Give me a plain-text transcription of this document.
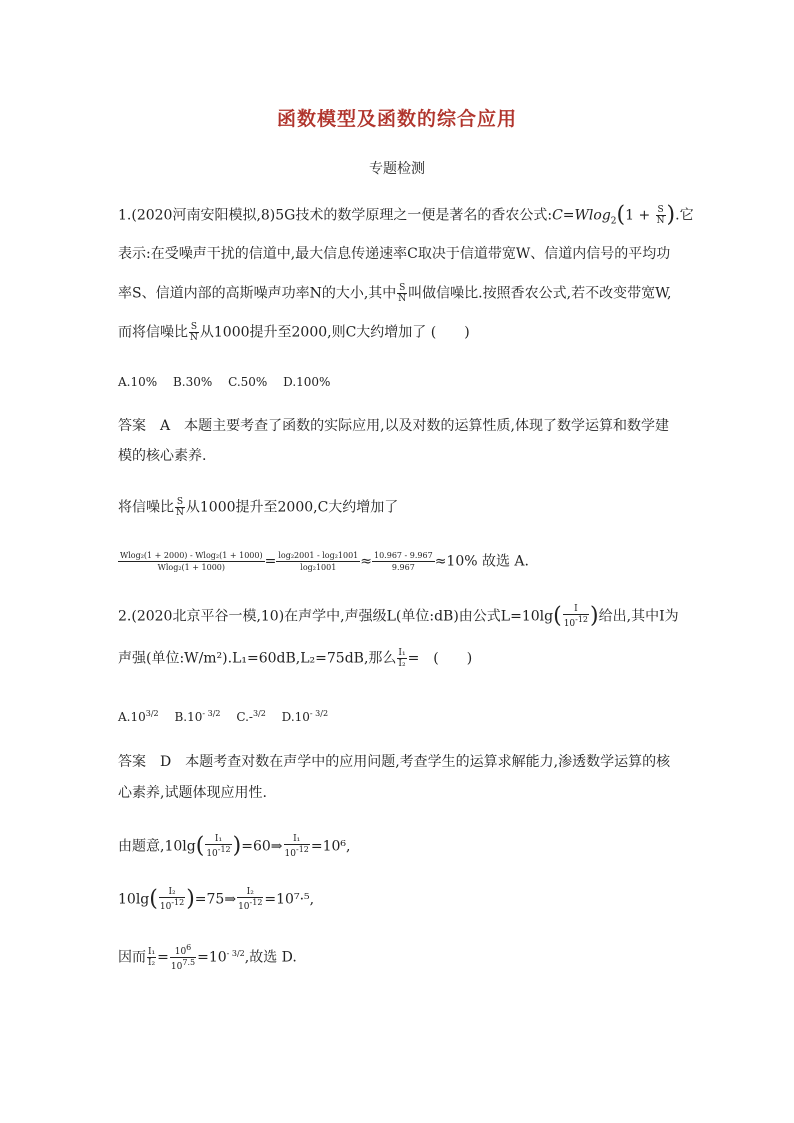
函数模型及函数的综合应用
专题检测
1.(2020河南安阳模拟,8)5G技术的数学原理之一便是著名的香农公式:C=Wlog$_2$(1 + $\frac{S}{N}$ ).它
表示:在受噪声干扰的信道中,最大信息传递速率C取决于信道带宽W、信道内信号的平均功
率S、信道内部的高斯噪声功率N的大小,其中 $\frac{S}{N}$ 叫做信噪比.按照香农公式,若不改变带宽W,
而将信噪比 $\frac{S}{N}$ 从1000提升至2000,则C大约增加了 (　　)
A.10%　 B.30%　 C.50%　 D.100%
答案　A　本题主要考查了函数的实际应用,以及对数的运算性质,体现了数学运算和数学建
模的核心素养.
将信噪比 $\frac{S}{N}$ 从1000提升至2000,C大约增加了
$\frac{\text{Wlog₂(1 + 2000) - Wlog₂(1 + 1000)}}{\text{Wlog₂(1 + 1000)}} = \frac{\text{log₂2001 - log₂1001}}{\text{log₂1001}} \approx \frac{10.967 - 9.967}{9.967} \approx 10\%$ 故选 A.
2.(2020北京平谷一模,10)在声学中,声强级L(单位:dB)由公式$L=10\lg( \frac{I}{10^{-12}}$ )给出,其中I为
声强(单位:W/m²).L₁=60dB,L₂=75dB,那么 $\frac{\text{I₁}}{\text{I₂}}$ =　(　　)
$A.10^{3/2}$　 $B.10^{- 3/2}$　 C.-$^{3/2}$　 $D.10^{- 3/2}$
答案　D　本题考查对数在声学中的应用问题,考查学生的运算求解能力,渗透数学运算的核
心素养,试题体现应用性.
由题意$,10\lg( \frac{\text{I₁}}{10^{-12}}$ )=60⇒ $\frac{\text{I₁}}{10^{-12}} =10^6$,
$10\lg( \frac{\text{I₂}}{10^{-12}}$ )=75⇒ $\frac{\text{I₂}}{10^{-12}} =10^7\cdot^5$,
因而 $\frac{\text{I₁}}{\text{I₂}} = \frac{10^6}{10^{7.5}} =10^{- 3/2}$,故选 D.
